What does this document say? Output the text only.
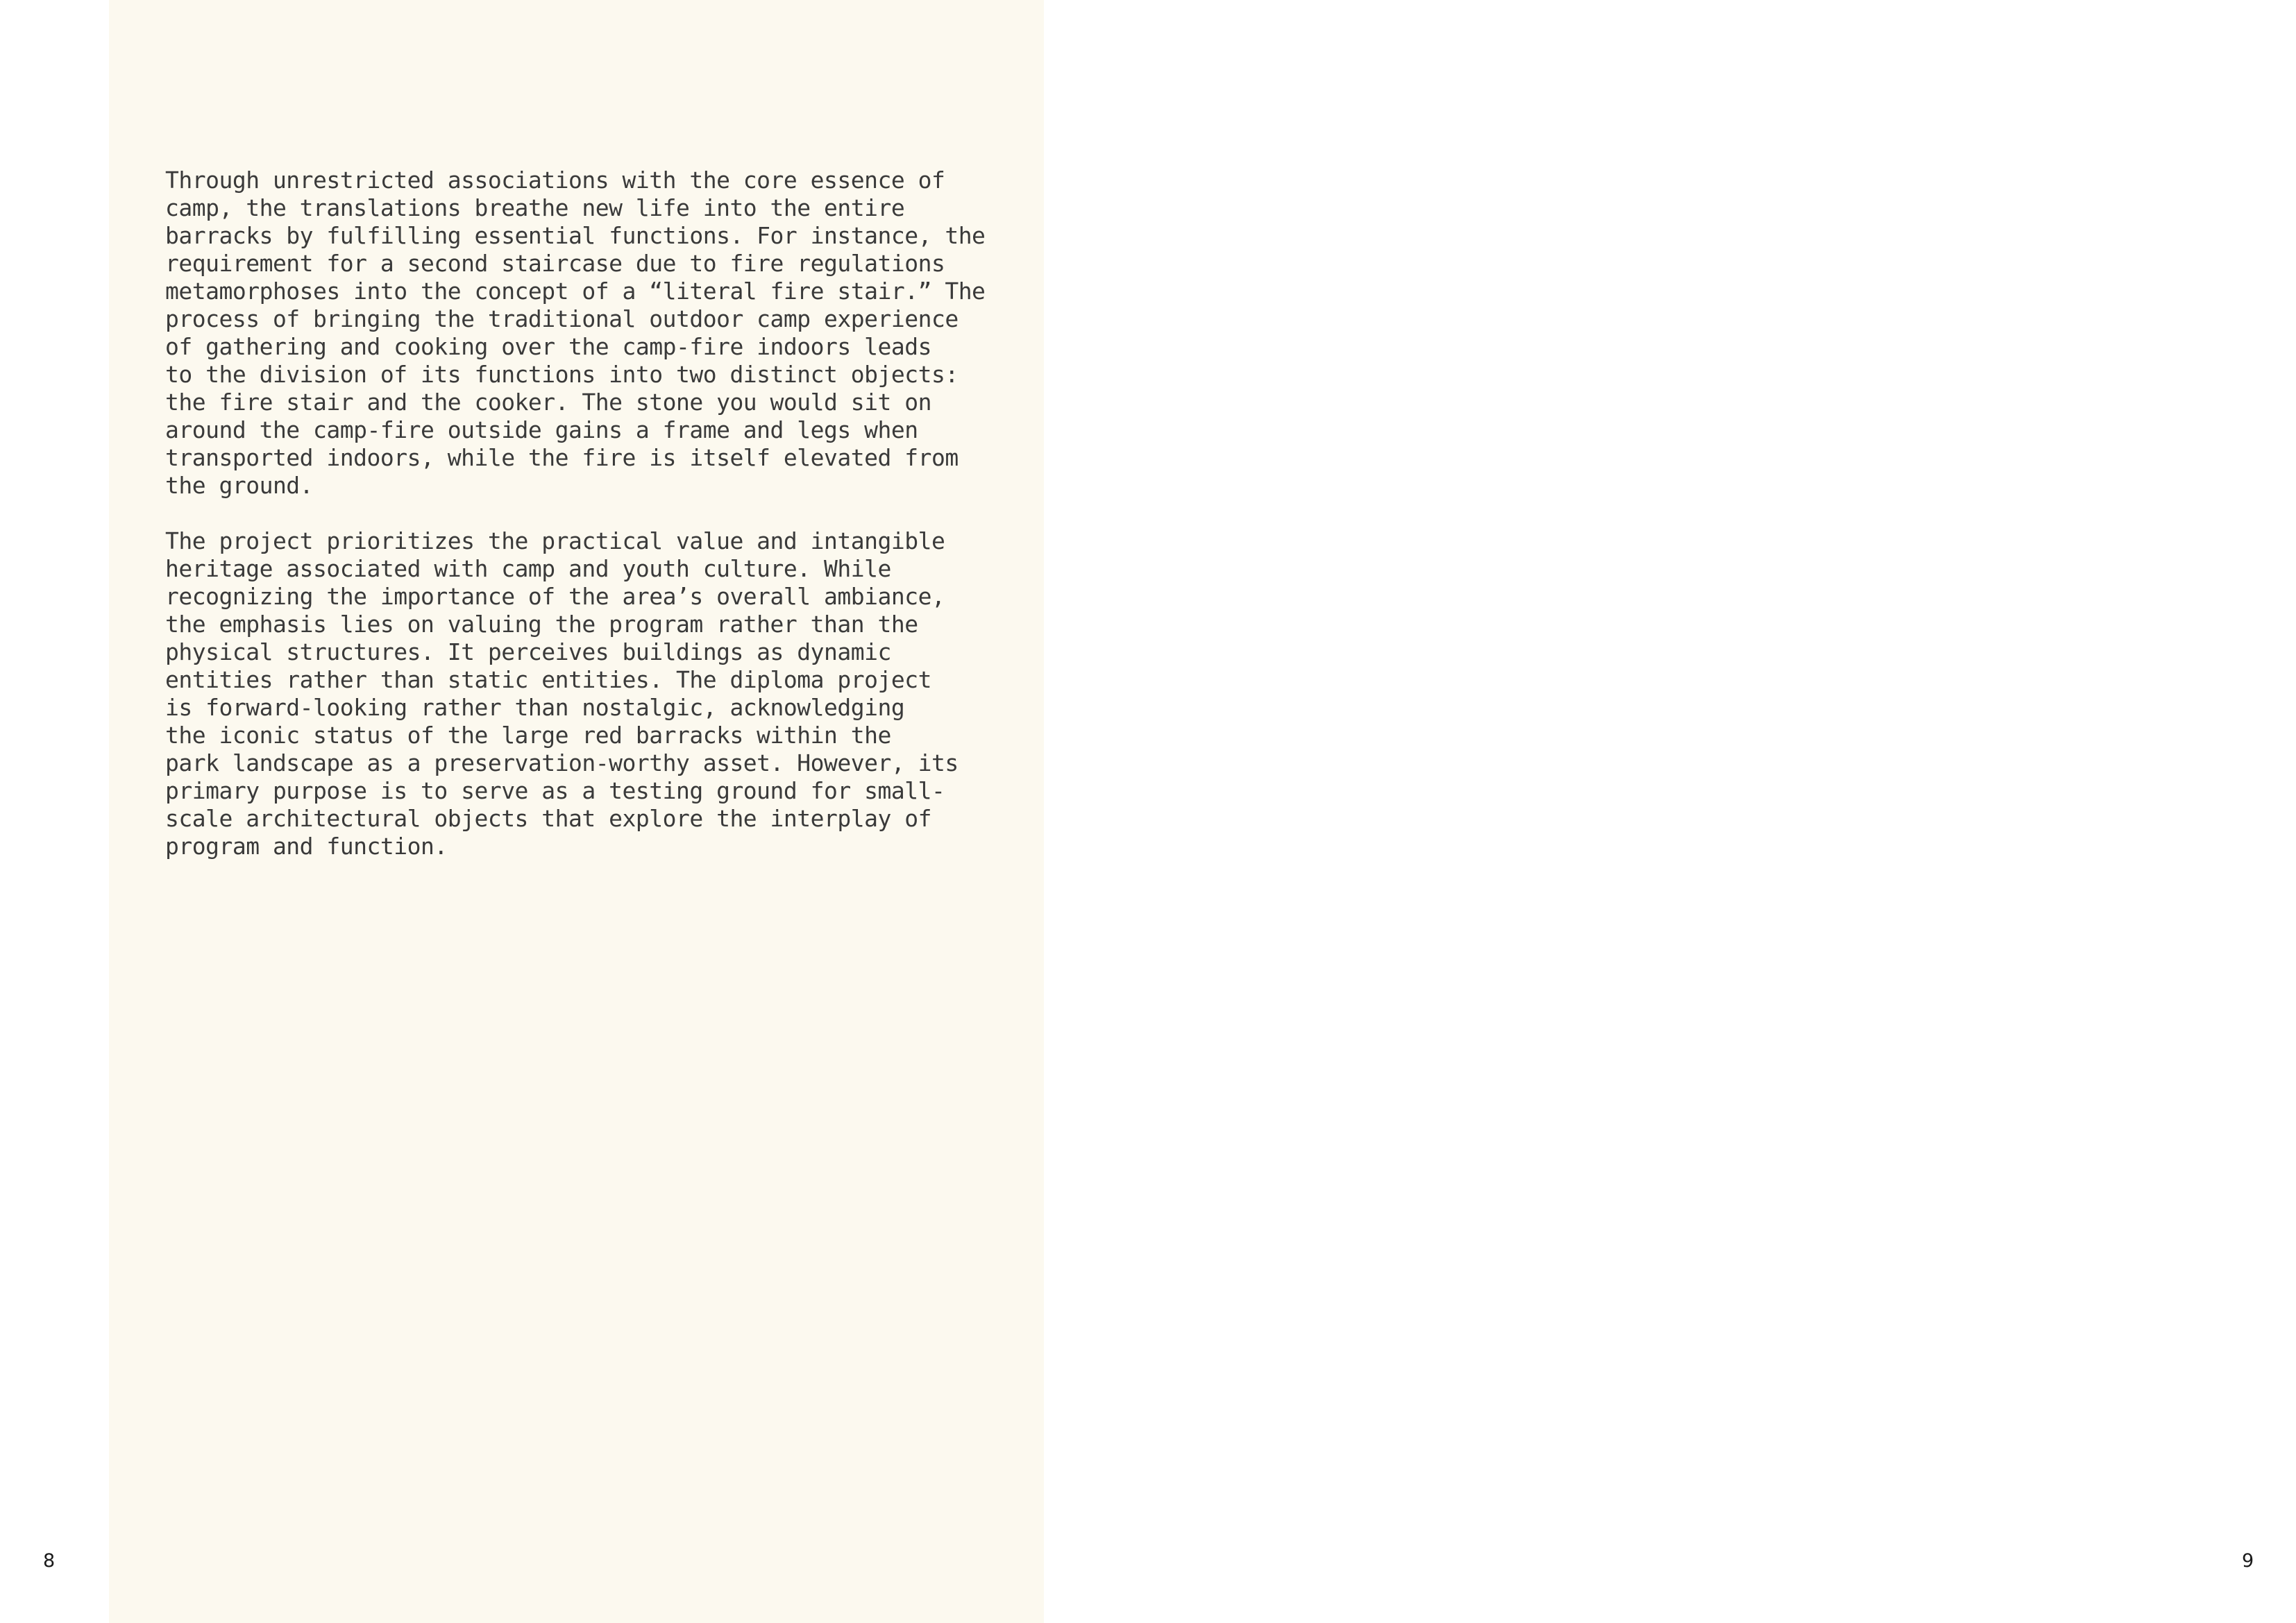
Through unrestricted associations with the core essence of
camp, the translations breathe new life into the entire
barracks by fulfilling essential functions. For instance, the
requirement for a second staircase due to fire regulations
metamorphoses into the concept of a “literal fire stair.” The
process of bringing the traditional outdoor camp experience
of gathering and cooking over the camp-fire indoors leads
to the division of its functions into two distinct objects:
the fire stair and the cooker. The stone you would sit on
around the camp-fire outside gains a frame and legs when
transported indoors, while the fire is itself elevated from
the ground.

The project prioritizes the practical value and intangible
heritage associated with camp and youth culture. While
recognizing the importance of the area’s overall ambiance,
the emphasis lies on valuing the program rather than the
physical structures. It perceives buildings as dynamic
entities rather than static entities. The diploma project
is forward-looking rather than nostalgic, acknowledging
the iconic status of the large red barracks within the
park landscape as a preservation-worthy asset. However, its
primary purpose is to serve as a testing ground for small-
scale architectural objects that explore the interplay of
program and function.

8	9
